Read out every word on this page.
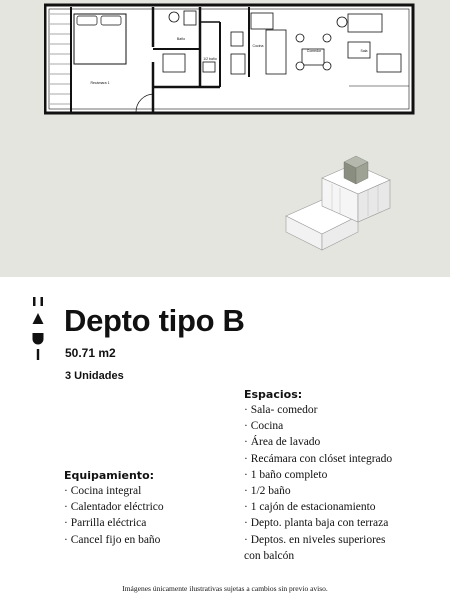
Recámara 1
Baño
1/2 baño
Cocina
Comedor	Sala
Depto tipo B
50.71 m2
3 Unidades
Espacios:
· Sala- comedor
· Cocina
· Área de lavado
· Recámara con clóset integrado
· 1 baño completo
· 1/2 baño
· 1 cajón de estacionamiento
· Depto. planta baja con terraza
· Deptos. en niveles superiores
con balcón
Equipamiento:
· Cocina integral
· Calentador eléctrico
· Parrilla eléctrica
· Cancel fijo en baño
Imágenes únicamente ilustrativas sujetas a cambios sin previo aviso.
